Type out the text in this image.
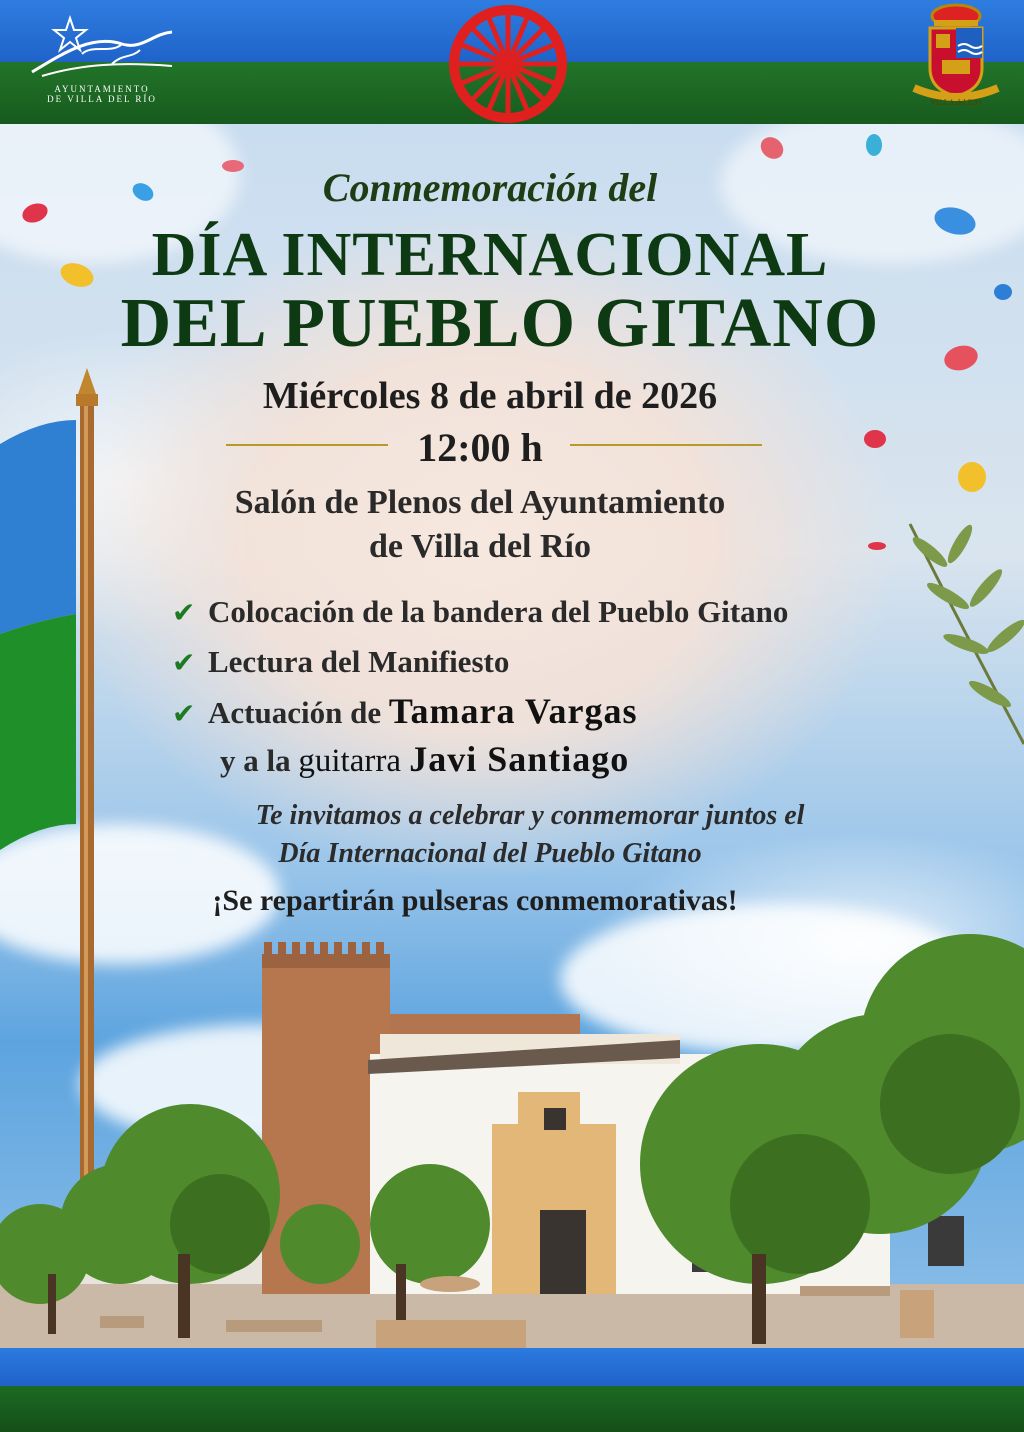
AYUNTAMIENTO
DE VILLA DEL RÍO	VILLA del RIO
Conmemoración del
DÍA INTERNACIONAL
DEL PUEBLO GITANO
Miércoles 8 de abril de 2026
12:00 h
Salón de Plenos del Ayuntamiento
de Villa del Río
✔ Colocación de la bandera del Pueblo Gitano
✔ Lectura del Manifiesto
✔ Actuación de Tamara Vargas
y a la guitarra Javi Santiago
Te invitamos a celebrar y conmemorar juntos el
Día Internacional del Pueblo Gitano
¡Se repartirán pulseras conmemorativas!
